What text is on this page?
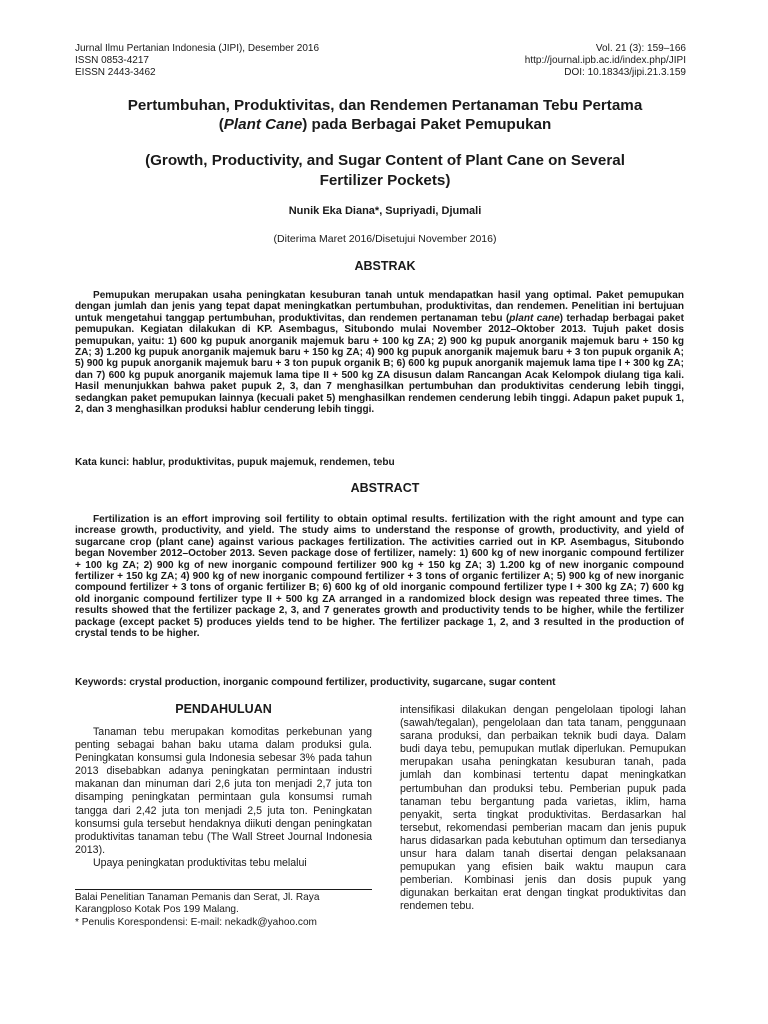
Jurnal Ilmu Pertanian Indonesia (JIPI), Desember 2016
ISSN 0853-4217
EISSN 2443-3462
Vol. 21 (3): 159–166
http://journal.ipb.ac.id/index.php/JIPI
DOI: 10.18343/jipi.21.3.159
Pertumbuhan, Produktivitas, dan Rendemen Pertanaman Tebu Pertama
(Plant Cane) pada Berbagai Paket Pemupukan
(Growth, Productivity, and Sugar Content of Plant Cane on Several
Fertilizer Pockets)
Nunik Eka Diana*, Supriyadi, Djumali
(Diterima Maret 2016/Disetujui November 2016)
ABSTRAK

Pemupukan merupakan usaha peningkatan kesuburan tanah untuk mendapatkan hasil yang optimal. Paket pemupukan dengan jumlah dan jenis yang tepat dapat meningkatkan pertumbuhan, produktivitas, dan rendemen. Penelitian ini bertujuan untuk mengetahui tanggap pertumbuhan, produktivitas, dan rendemen pertanaman tebu (plant cane) terhadap berbagai paket pemupukan. Kegiatan dilakukan di KP. Asembagus, Situbondo mulai November 2012–Oktober 2013. Tujuh paket dosis pemupukan, yaitu: 1) 600 kg pupuk anorganik majemuk baru + 100 kg ZA; 2) 900 kg pupuk anorganik majemuk baru + 150 kg ZA; 3) 1.200 kg pupuk anorganik majemuk baru + 150 kg ZA; 4) 900 kg pupuk anorganik majemuk baru + 3 ton pupuk organik A; 5) 900 kg pupuk anorganik majemuk baru + 3 ton pupuk organik B; 6) 600 kg pupuk anorganik majemuk lama tipe I + 300 kg ZA; dan 7) 600 kg pupuk anorganik majemuk lama tipe II + 500 kg ZA disusun dalam Rancangan Acak Kelompok diulang tiga kali. Hasil menunjukkan bahwa paket pupuk 2, 3, dan 7 menghasilkan pertumbuhan dan produktivitas cenderung lebih tinggi, sedangkan paket pemupukan lainnya (kecuali paket 5) menghasilkan rendemen cenderung lebih tinggi. Adapun paket pupuk 1, 2, dan 3 menghasilkan produksi hablur cenderung lebih tinggi.

Kata kunci: hablur, produktivitas, pupuk majemuk, rendemen, tebu

ABSTRACT

Fertilization is an effort improving soil fertility to obtain optimal results. fertilization with the right amount and type can increase growth, productivity, and yield. The study aims to understand the response of growth, productivity, and yield of sugarcane crop (plant cane) against various packages fertilization. The activities carried out in KP. Asembagus, Situbondo began November 2012–October 2013. Seven package dose of fertilizer, namely: 1) 600 kg of new inorganic compound fertilizer + 100 kg ZA; 2) 900 kg of new inorganic compound fertilizer 900 kg + 150 kg ZA; 3) 1.200 kg of new inorganic compound fertilizer + 150 kg ZA; 4) 900 kg of new inorganic compound fertilizer + 3 tons of organic fertilizer A; 5) 900 kg of new inorganic compound fertilizer + 3 tons of organic fertilizer B; 6) 600 kg of old inorganic compound fertilizer type I + 300 kg ZA; 7) 600 kg old inorganic compound fertilizer type II + 500 kg ZA arranged in a randomized block design was repeated three times. The results showed that the fertilizer package 2, 3, and 7 generates growth and productivity tends to be higher, while the fertilizer package (except packet 5) produces yields tend to be higher. The fertilizer package 1, 2, and 3 resulted in the production of crystal tends to be higher.

Keywords: crystal production, inorganic compound fertilizer, productivity, sugarcane, sugar content

PENDAHULUAN

Tanaman tebu merupakan komoditas perkebunan yang penting sebagai bahan baku utama dalam produksi gula. Peningkatan konsumsi gula Indonesia sebesar 3% pada tahun 2013 disebabkan adanya peningkatan permintaan industri makanan dan minuman dari 2,6 juta ton menjadi 2,7 juta ton disamping peningkatan permintaan gula konsumsi rumah tangga dari 2,42 juta ton menjadi 2,5 juta ton. Peningkatan konsumsi gula tersebut hendaknya diikuti dengan peningkatan produktivitas tanaman tebu (The Wall Street Journal Indonesia 2013).

Upaya peningkatan produktivitas tebu melalui

Balai Penelitian Tanaman Pemanis dan Serat, Jl. Raya Karangploso Kotak Pos 199 Malang.
* Penulis Korespondensi: E-mail: nekadk@yahoo.com

intensifikasi dilakukan dengan pengelolaan tipologi lahan (sawah/tegalan), pengelolaan dan tata tanam, penggunaan sarana produksi, dan perbaikan teknik budi daya. Dalam budi daya tebu, pemupukan mutlak diperlukan. Pemupukan merupakan usaha peningkatan kesuburan tanah, pada jumlah dan kombinasi tertentu dapat meningkatkan pertumbuhan dan produksi tebu. Pemberian pupuk pada tanaman tebu bergantung pada varietas, iklim, hama penyakit, serta tingkat produktivitas. Berdasarkan hal tersebut, rekomendasi pemberian macam dan jenis pupuk harus didasarkan pada kebutuhan optimum dan tersedianya unsur hara dalam tanah disertai dengan pelaksanaan pemupukan yang efisien baik waktu maupun cara pemberian. Kombinasi jenis dan dosis pupuk yang digunakan berkaitan erat dengan tingkat produktivitas dan rendemen tebu.
